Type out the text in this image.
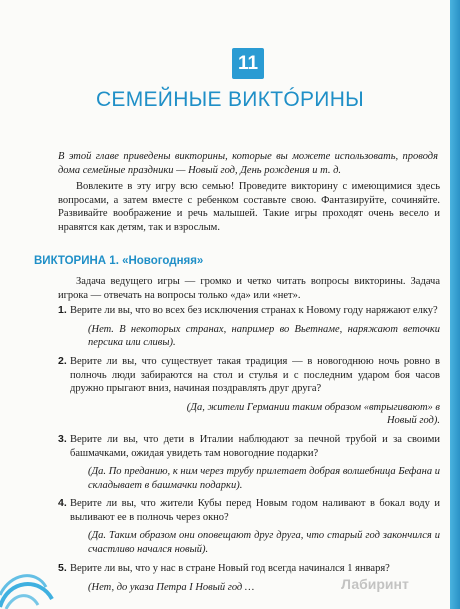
11
СЕМЕЙНЫЕ ВИКТÓРИНЫ
В этой главе приведены викторины, которые вы можете использовать, проводя дома семейные праздники — Новый год, День рождения и т. д.
Вовлеките в эту игру всю семью! Проведите викторину с имеющимися здесь вопросами, а затем вместе с ребенком составьте свою. Фантазируйте, сочиняйте. Развивайте воображение и речь малышей. Такие игры проходят очень весело и нравятся как детям, так и взрослым.
ВИКТОРИНА 1. «Новогодняя»
Задача ведущего игры — громко и четко читать вопросы викторины. Задача игрока — отвечать на вопросы только «да» или «нет».
1. Верите ли вы, что во всех без исключения странах к Новому году наряжают елку?
(Нет. В некоторых странах, например во Вьетнаме, наряжают веточки персика или сливы).
2. Верите ли вы, что существует такая традиция — в новогоднюю ночь ровно в полночь люди забираются на стол и стулья и с последним ударом боя часов дружно прыгают вниз, начиная поздравлять друг друга?
(Да, жители Германии таким образом «втрыгивают» в Новый год).
3. Верите ли вы, что дети в Италии наблюдают за печной трубой и за своими башмачками, ожидая увидеть там новогодние подарки?
(Да. По преданию, к ним через трубу прилетает добрая волшебница Бефана и складывает в башмачки подарки).
4. Верите ли вы, что жители Кубы перед Новым годом наливают в бокал воду и выливают ее в полночь через окно?
(Да. Таким образом они оповещают друг друга, что старый год закончился и счастливо начался новый).
5. Верите ли вы, что у нас в стране Новый год всегда начинался 1 января?
(Нет, до указа Петра I Новый год …	Лабиринт
